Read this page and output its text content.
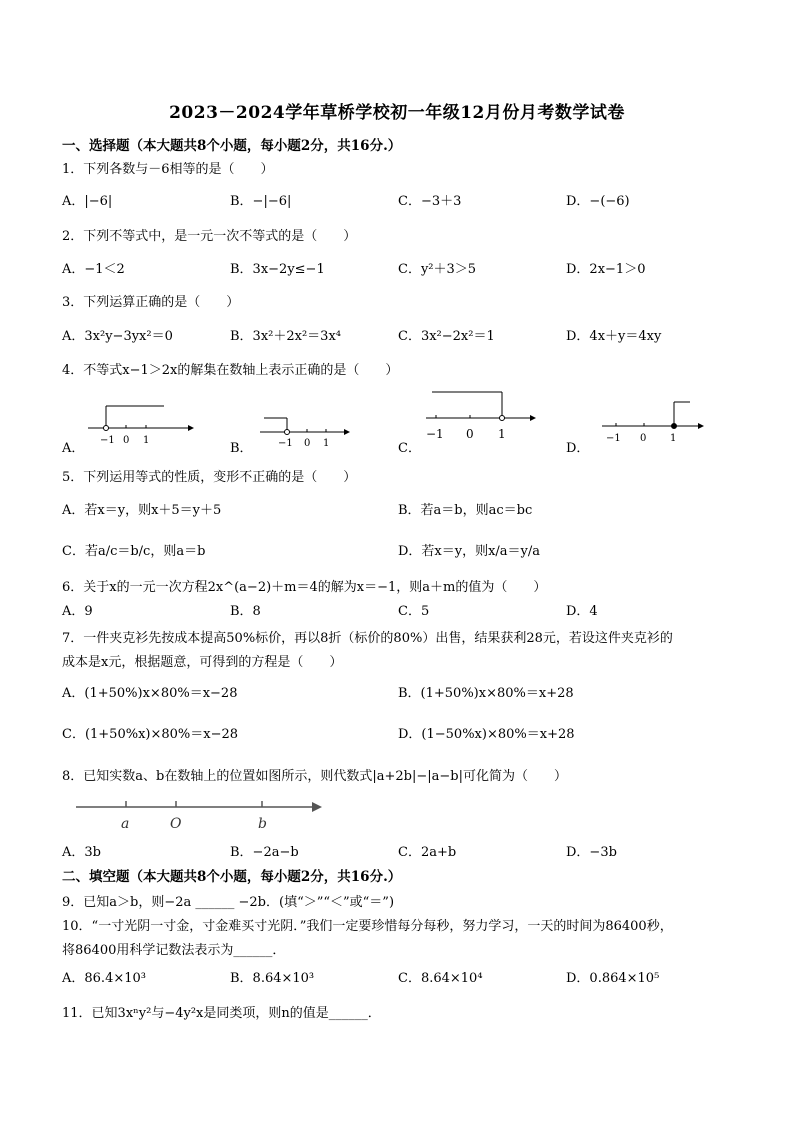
2023－2024学年草桥学校初一年级12月份月考数学试卷
一、选择题（本大题共8个小题，每小题2分，共16分.）
1．下列各数与－6相等的是（　　）
A．|−6|	B．−|−6|	C．−3＋3	D．−(−6)
2．下列不等式中，是一元一次不等式的是（　　）
A．−1＜2	B．3x−2y≤−1	C．y²＋3＞5	D．2x−1＞0
3．下列运算正确的是（　　）
A．3x²y−3yx²＝0	B．3x²＋2x²＝3x⁴	C．3x²−2x²＝1	D．4x＋y＝4xy
4．不等式x−1＞2x的解集在数轴上表示正确的是（　　）
A．	B．	C．	D．
−1 0 1	−1 0 1
−1 0 1	−1 0 1
5．下列运用等式的性质，变形不正确的是（　　）
A．若x＝y，则x＋5＝y＋5	B．若a＝b，则ac＝bc
C．若a/c＝b/c，则a＝b	D．若x＝y，则x/a＝y/a
6．关于x的一元一次方程2x^(a−2)＋m＝4的解为x＝−1，则a＋m的值为（　　）
A．9	B．8	C．5	D．4
7．一件夹克衫先按成本提高50%标价，再以8折（标价的80%）出售，结果获利28元，若设这件夹克衫的
成本是x元，根据题意，可得到的方程是（　　）
A．(1+50%)x×80%＝x−28	B．(1+50%)x×80%＝x+28
C．(1+50%x)×80%＝x−28	D．(1−50%x)×80%＝x+28
8．已知实数a、b在数轴上的位置如图所示，则代数式|a+2b|−|a−b|可化简为（　　）
a	O	b
A．3b	B．−2a−b	C．2a+b	D．−3b
二、填空题（本大题共8个小题，每小题2分，共16分.）
9．已知a＞b，则−2a ______ −2b．(填“＞”“＜”或“＝”)
10．“一寸光阴一寸金，寸金难买寸光阴．”我们一定要珍惜每分每秒，努力学习，一天的时间为86400秒，
将86400用科学记数法表示为______．
A．86.4×10³	B．8.64×10³	C．8.64×10⁴	D．0.864×10⁵
11．已知3xⁿy²与−4y²x是同类项，则n的值是______．
